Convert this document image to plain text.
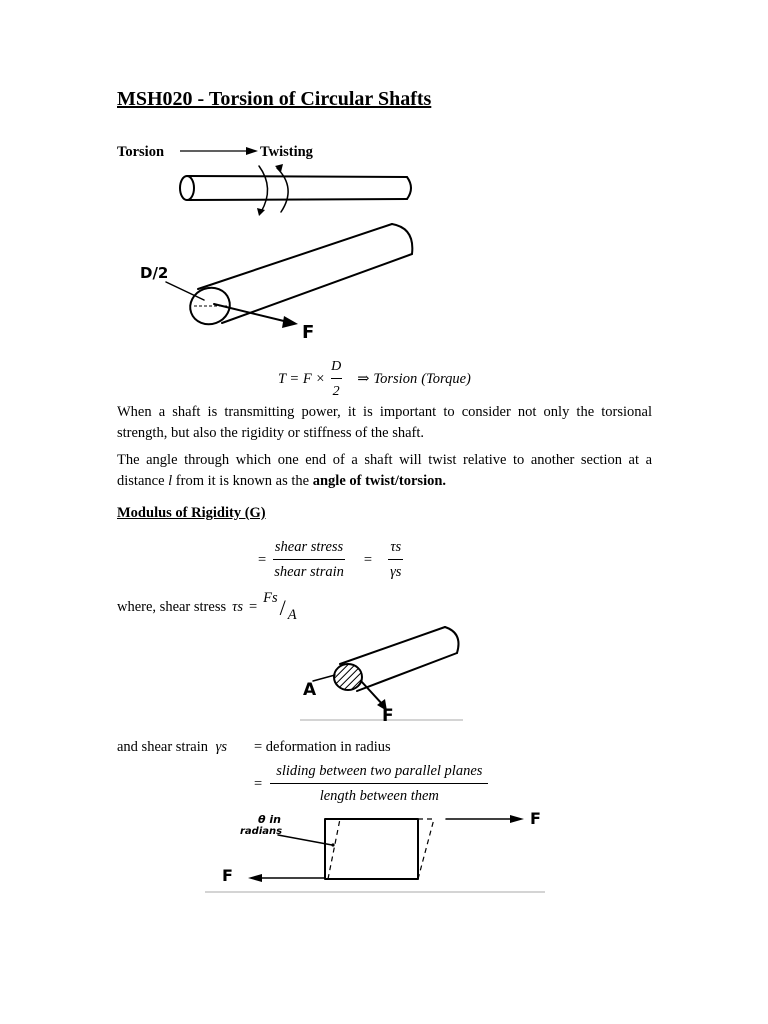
MSH020 - Torsion of Circular Shafts
Torsion	Twisting
D/2
F
$T = F \times \frac{D}{2}$ ⇒ Torsion (Torque)
When a shaft is transmitting power, it is important to consider not only the torsional strength, but also the rigidity or stiffness of the shaft.
The angle through which one end of a shaft will twist relative to another section at a distance l from it is known as the angle of twist/torsion.
Modulus of Rigidity (G)
= $\frac{\text{shear stress}}{\text{shear strain}} = \frac{\tau s}{\gamma s}$
where, shear stress τs =
Fs / A
A
F
and shear strain γs = deformation in radius
= $\frac{\text{sliding between two parallel planes}}{\text{length between them}}$
θ in
radians
F
F
